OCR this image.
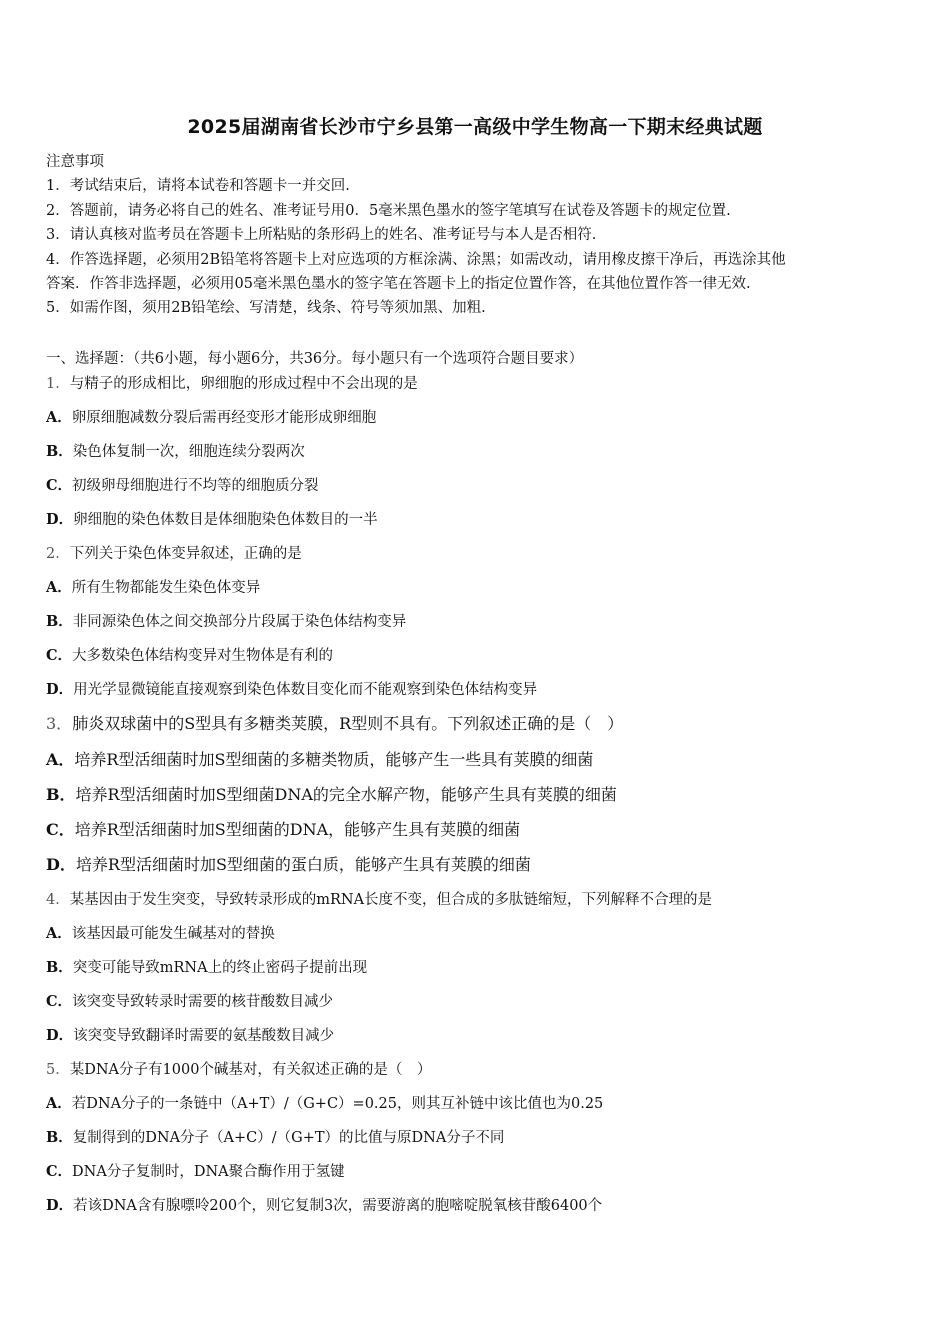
2025届湖南省长沙市宁乡县第一高级中学生物高一下期末经典试题
注意事项
1．考试结束后，请将本试卷和答题卡一并交回.
2．答题前，请务必将自己的姓名、准考证号用0．5毫米黑色墨水的签字笔填写在试卷及答题卡的规定位置.
3．请认真核对监考员在答题卡上所粘贴的条形码上的姓名、准考证号与本人是否相符.
4．作答选择题，必须用2B铅笔将答题卡上对应选项的方框涂满、涂黑；如需改动，请用橡皮擦干净后，再选涂其他
答案．作答非选择题，必须用05毫米黑色墨水的签字笔在答题卡上的指定位置作答，在其他位置作答一律无效.
5．如需作图，须用2B铅笔绘、写清楚，线条、符号等须加黑、加粗.
一、选择题：（共6小题，每小题6分，共36分。每小题只有一个选项符合题目要求）
1．与精子的形成相比，卵细胞的形成过程中不会出现的是
A．卵原细胞减数分裂后需再经变形才能形成卵细胞
B．染色体复制一次，细胞连续分裂两次
C．初级卵母细胞进行不均等的细胞质分裂
D．卵细胞的染色体数目是体细胞染色体数目的一半
2．下列关于染色体变异叙述，正确的是
A．所有生物都能发生染色体变异
B．非同源染色体之间交换部分片段属于染色体结构变异
C．大多数染色体结构变异对生物体是有利的
D．用光学显微镜能直接观察到染色体数目变化而不能观察到染色体结构变异
3．肺炎双球菌中的S型具有多糖类荚膜，R型则不具有。下列叙述正确的是（　）
A．培养R型活细菌时加S型细菌的多糖类物质，能够产生一些具有荚膜的细菌
B．培养R型活细菌时加S型细菌DNA的完全水解产物，能够产生具有荚膜的细菌
C．培养R型活细菌时加S型细菌的DNA，能够产生具有荚膜的细菌
D．培养R型活细菌时加S型细菌的蛋白质，能够产生具有荚膜的细菌
4．某基因由于发生突变，导致转录形成的mRNA长度不变，但合成的多肽链缩短，下列解释不合理的是
A．该基因最可能发生碱基对的替换
B．突变可能导致mRNA上的终止密码子提前出现
C．该突变导致转录时需要的核苷酸数目减少
D．该突变导致翻译时需要的氨基酸数目减少
5．某DNA分子有1000个碱基对，有关叙述正确的是（　）
A．若DNA分子的一条链中（A+T）/（G+C）=0.25，则其互补链中该比值也为0.25
B．复制得到的DNA分子（A+C）/（G+T）的比值与原DNA分子不同
C．DNA分子复制时，DNA聚合酶作用于氢键
D．若该DNA含有腺嘌呤200个，则它复制3次，需要游离的胞嘧啶脱氧核苷酸6400个
